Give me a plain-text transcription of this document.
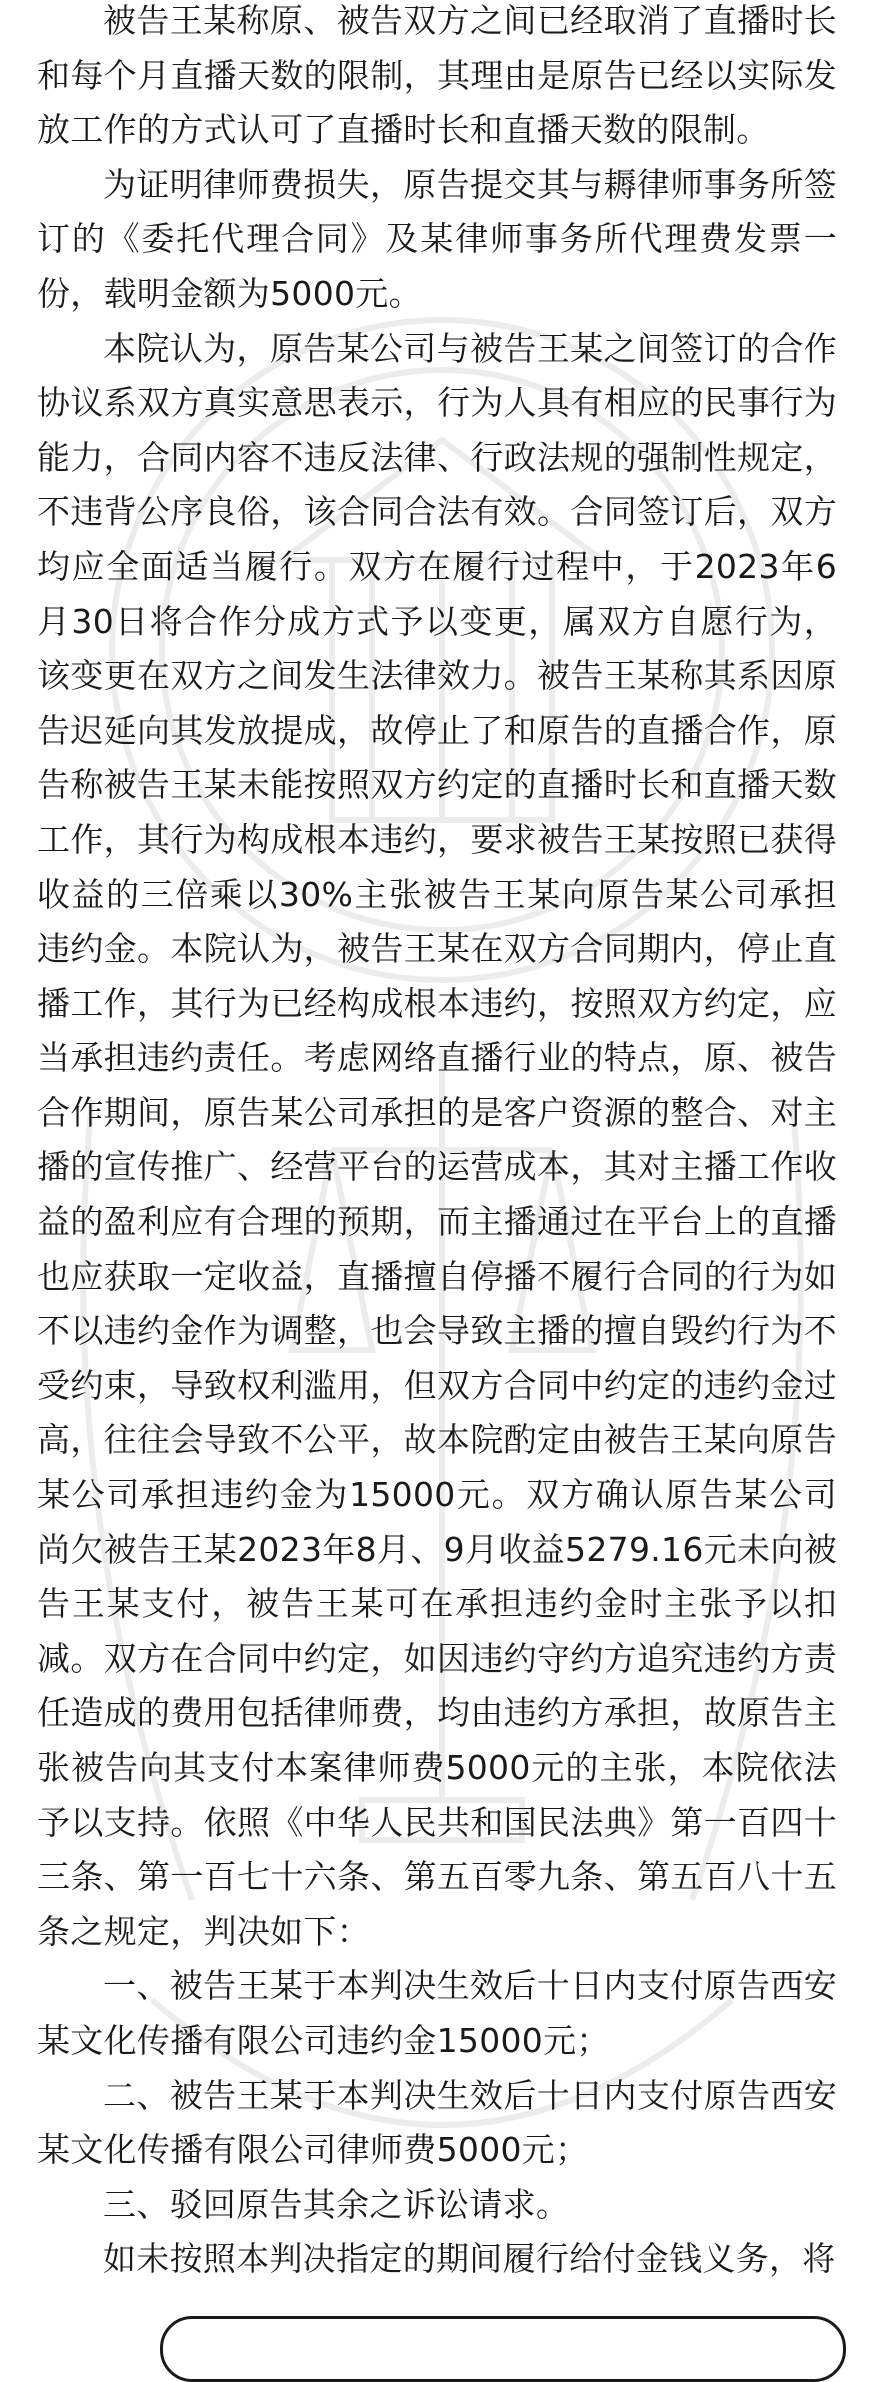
被告王某称原、被告双方之间已经取消了直播时长和每个月直播天数的限制，其理由是原告已经以实际发放工作的方式认可了直播时长和直播天数的限制。

为证明律师费损失，原告提交其与耨律师事务所签订的《委托代理合同》及某律师事务所代理费发票一份，载明金额为5000元。

本院认为，原告某公司与被告王某之间签订的合作协议系双方真实意思表示，行为人具有相应的民事行为能力，合同内容不违反法律、行政法规的强制性规定，不违背公序良俗，该合同合法有效。合同签订后，双方均应全面适当履行。双方在履行过程中，于2023年6月30日将合作分成方式予以变更，属双方自愿行为，该变更在双方之间发生法律效力。被告王某称其系因原告迟延向其发放提成，故停止了和原告的直播合作，原告称被告王某未能按照双方约定的直播时长和直播天数工作，其行为构成根本违约，要求被告王某按照已获得收益的三倍乘以30%主张被告王某向原告某公司承担违约金。本院认为，被告王某在双方合同期内，停止直播工作，其行为已经构成根本违约，按照双方约定，应当承担违约责任。考虑网络直播行业的特点，原、被告合作期间，原告某公司承担的是客户资源的整合、对主播的宣传推广、经营平台的运营成本，其对主播工作收益的盈利应有合理的预期，而主播通过在平台上的直播也应获取一定收益，直播擅自停播不履行合同的行为如不以违约金作为调整，也会导致主播的擅自毁约行为不受约束，导致权利滥用，但双方合同中约定的违约金过高，往往会导致不公平，故本院酌定由被告王某向原告某公司承担违约金为15000元。双方确认原告某公司尚欠被告王某2023年8月、9月收益5279.16元未向被告王某支付，被告王某可在承担违约金时主张予以扣减。双方在合同中约定，如因违约守约方追究违约方责任造成的费用包括律师费，均由违约方承担，故原告主张被告向其支付本案律师费5000元的主张，本院依法予以支持。依照《中华人民共和国民法典》第一百四十三条、第一百七十六条、第五百零九条、第五百八十五条之规定，判决如下：

一、被告王某于本判决生效后十日内支付原告西安某文化传播有限公司违约金15000元；

二、被告王某于本判决生效后十日内支付原告西安某文化传播有限公司律师费5000元；

三、驳回原告其余之诉讼请求。

如未按照本判决指定的期间履行给付金钱义务，将
